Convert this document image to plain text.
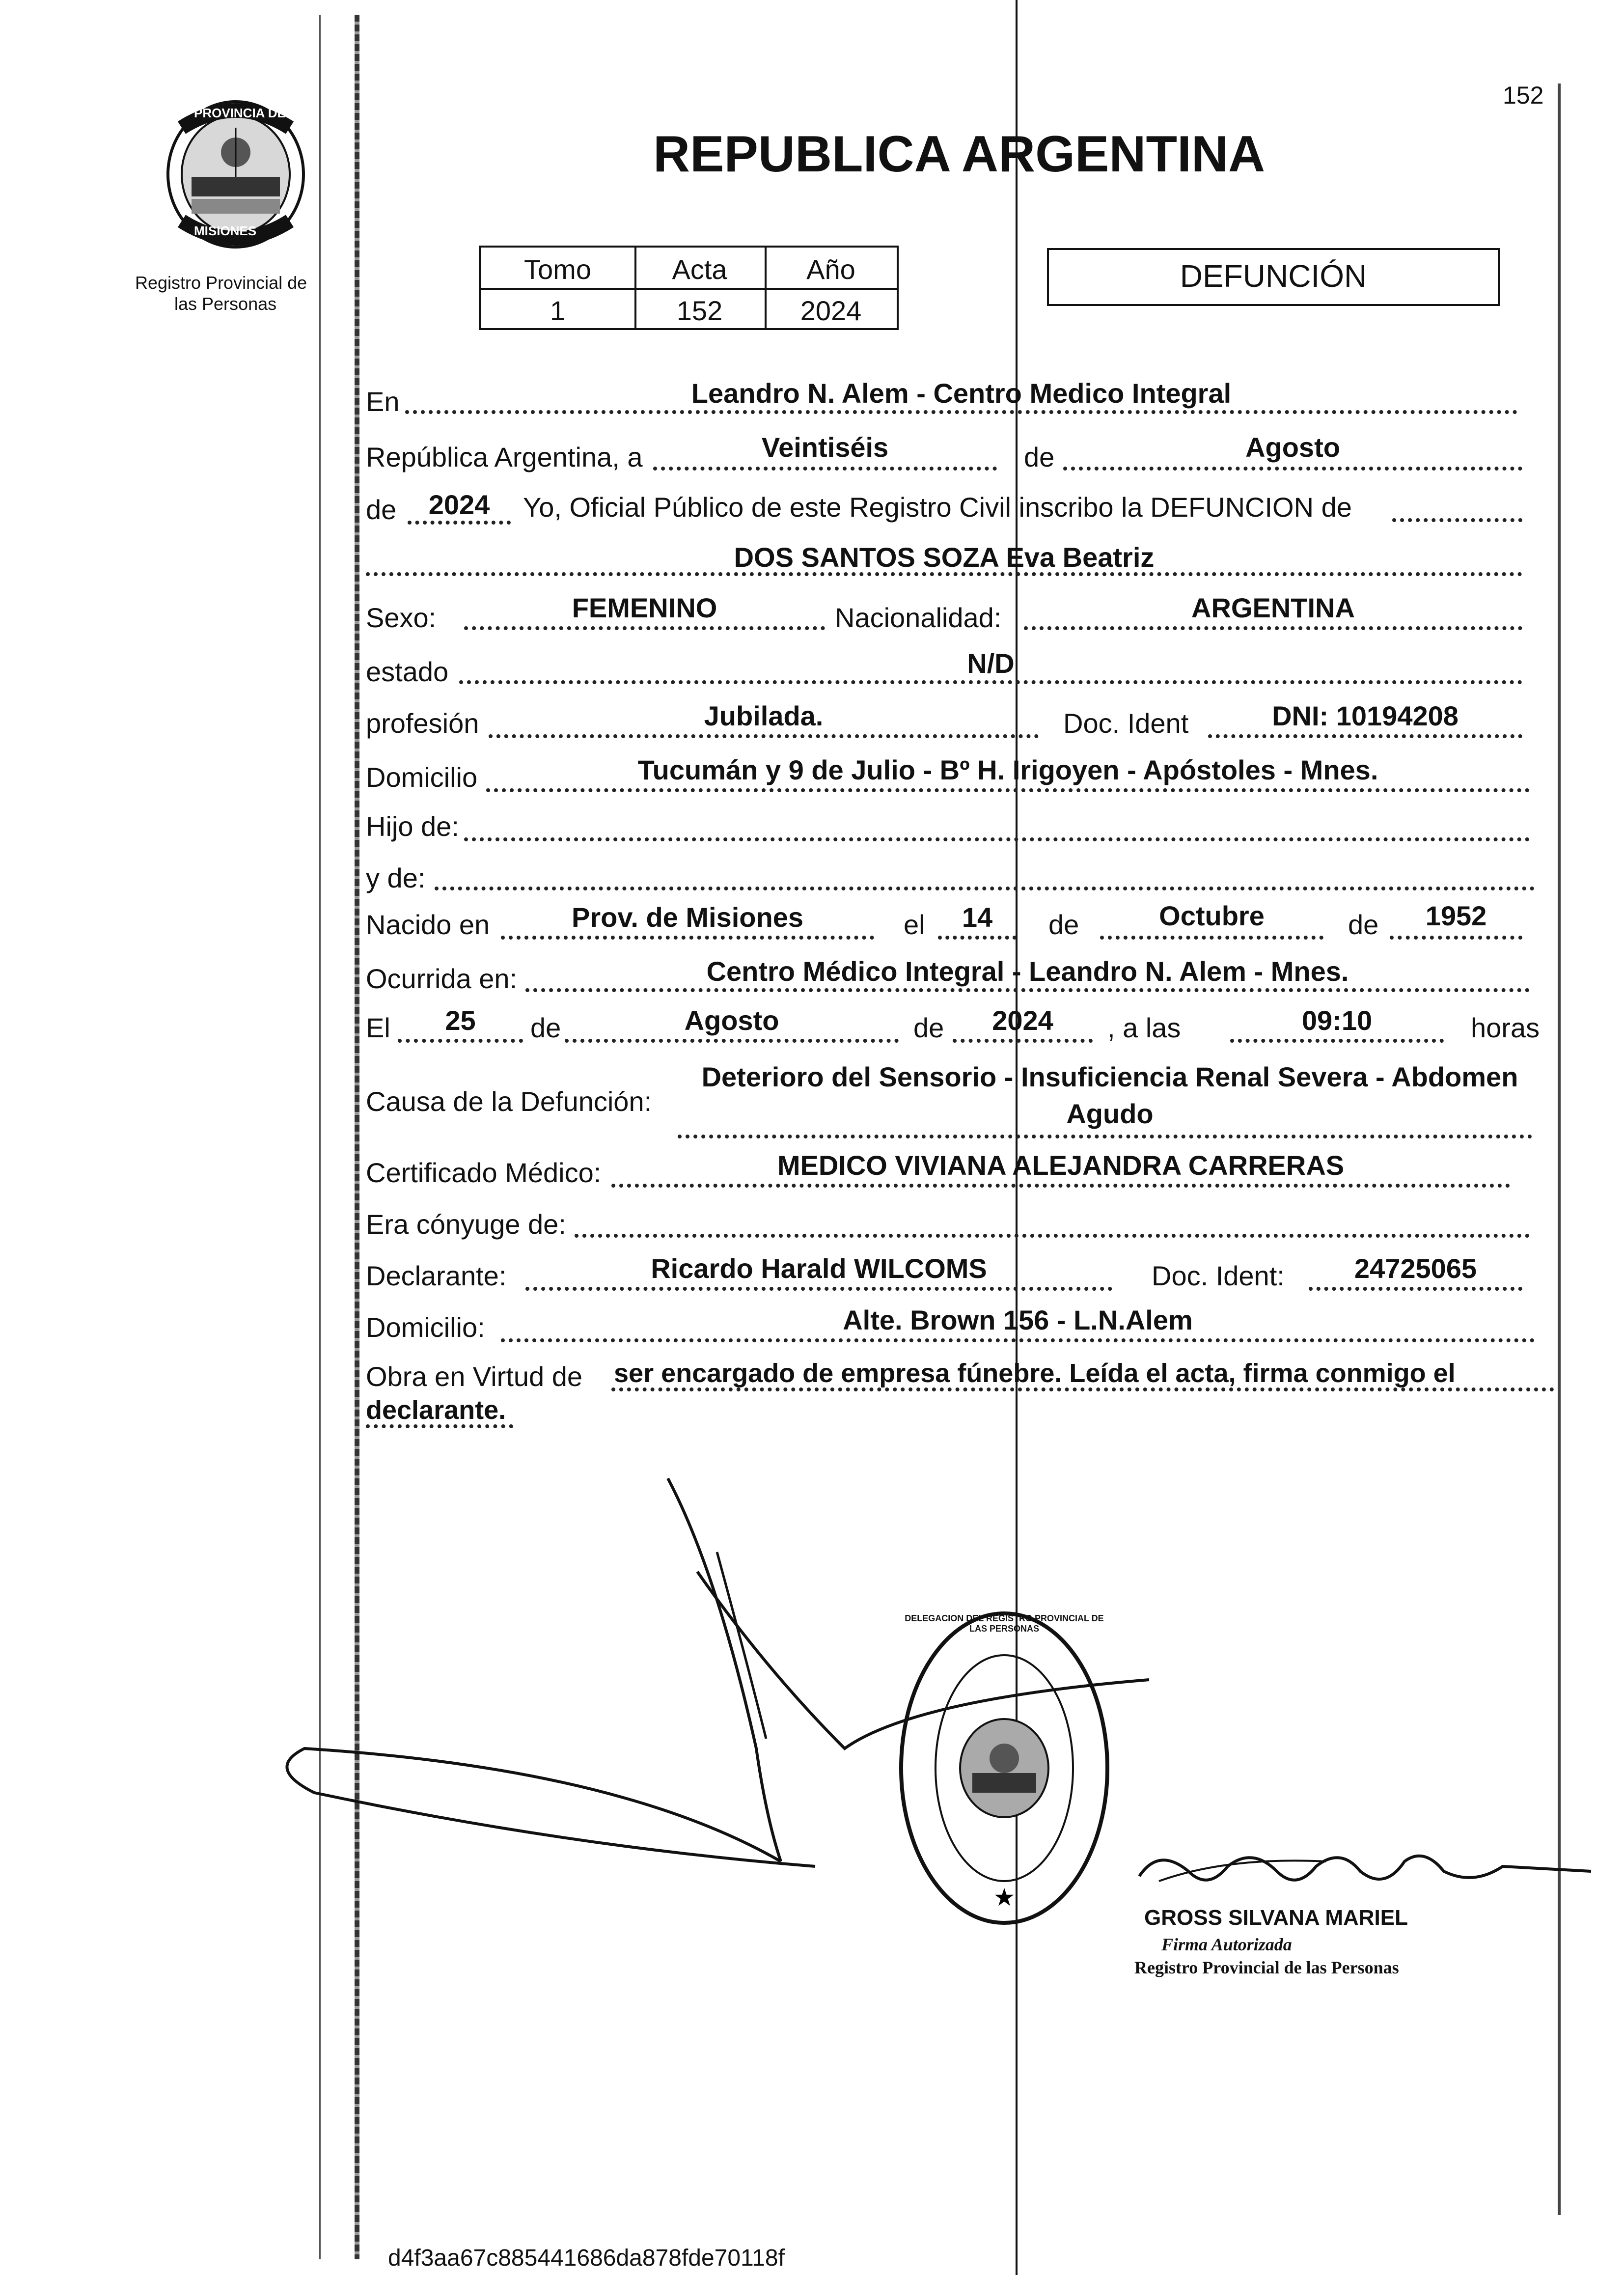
152
PROVINCIA DE
MISIONES
Registro Provincial de
las Personas
REPUBLICA ARGENTINA
Tomo	Acta	Año
1	152	2024
DEFUNCIÓN
En	Leandro N. Alem - Centro Medico Integral
República Argentina, a	Veintiséis	de	Agosto
de	2024	Yo, Oficial Público de este Registro Civil inscribo la DEFUNCION de
DOS SANTOS SOZA Eva Beatriz
Sexo:	FEMENINO	Nacionalidad:	ARGENTINA
estado	N/D
profesión	Jubilada.	Doc. Ident	DNI: 10194208
Domicilio	Tucumán y 9 de Julio - Bº H. Irigoyen - Apóstoles - Mnes.
Hijo de:
y de:
Nacido en	Prov. de Misiones	el	14	de	Octubre	de	1952
Ocurrida en:	Centro Médico Integral - Leandro N. Alem - Mnes.
El	25	de	Agosto	de	2024	, a las	09:10	horas
Causa de la Defunción:
Deterioro del Sensorio - Insuficiencia Renal Severa - Abdomen
Agudo
Certificado Médico:	MEDICO VIVIANA ALEJANDRA CARRERAS
Era cónyuge de:
Declarante:	Ricardo Harald WILCOMS	Doc. Ident:	24725065
Domicilio:	Alte. Brown 156 - L.N.Alem
Obra en Virtud de ser encargado de empresa fúnebre. Leída el acta, firma conmigo el
declarante.
★
DELEGACION DEL REGISTRO PROVINCIAL DE LAS PERSONAS
GROSS SILVANA MARIEL
Firma Autorizada
Registro Provincial de las Personas
d4f3aa67c885441686da878fde70118f
